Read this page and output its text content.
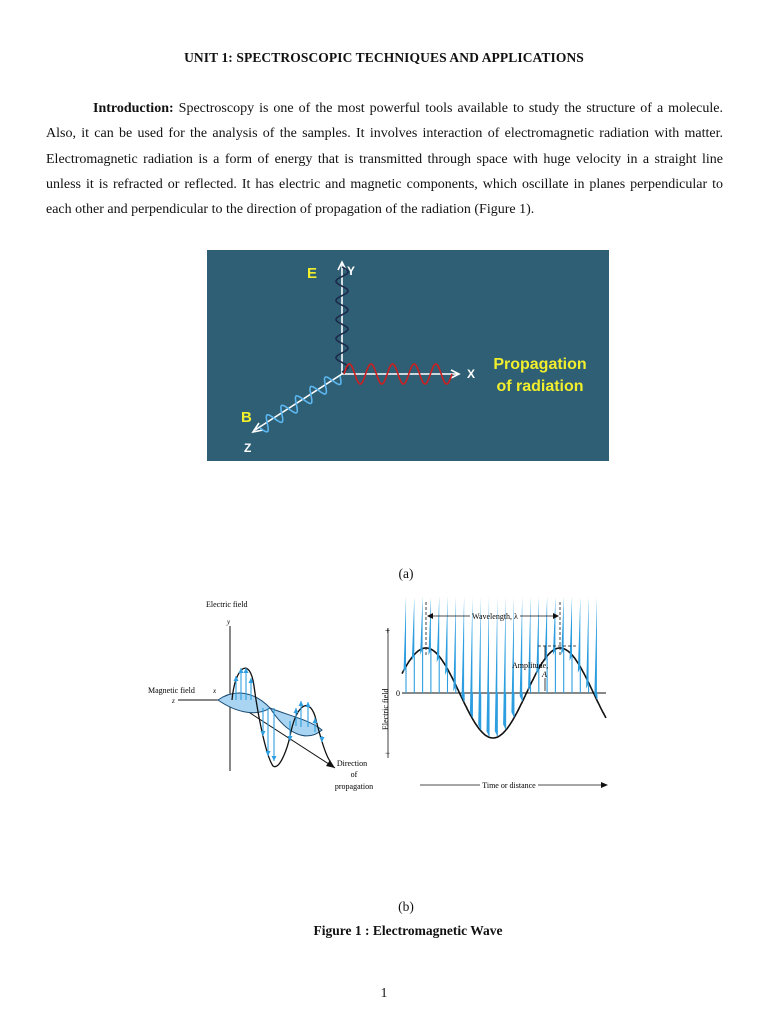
UNIT 1: SPECTROSCOPIC TECHNIQUES AND APPLICATIONS

Introduction: Spectroscopy is one of the most powerful tools available to study the structure of a molecule. Also, it can be used for the analysis of the samples. It involves interaction of electromagnetic radiation with matter. Electromagnetic radiation is a form of energy that is transmitted through space with huge velocity in a straight line unless it is refracted or reflected. It has electric and magnetic components, which oscillate in planes perpendicular to each other and perpendicular to the direction of propagation of the radiation (Figure 1).

E Y
X
B
Z
Propagation
of radiation
(a)
Electric field
y
Magnetic field
z
x
Direction
of
propagation
Wavelength, λ
Amplitude,
A
Electric field
+
−
0
Time or distance
(b)
Figure 1 : Electromagnetic Wave
1
